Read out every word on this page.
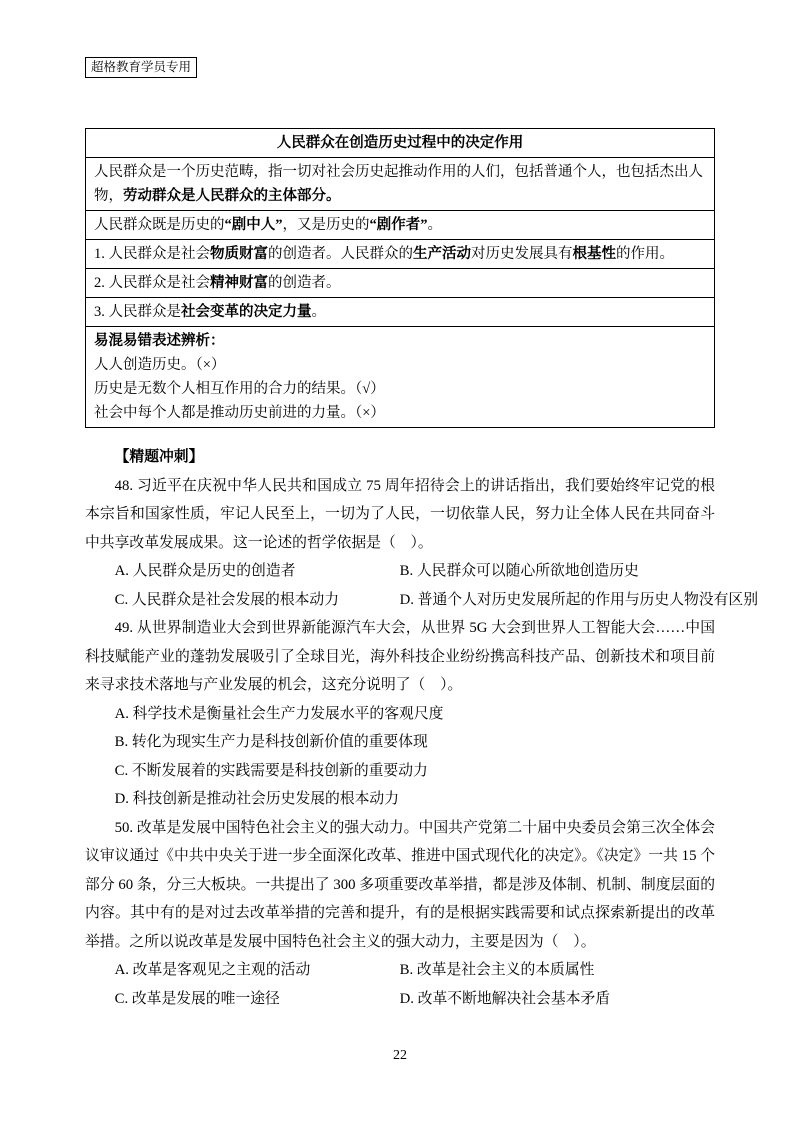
超格教育学员专用
人民群众在创造历史过程中的决定作用
人民群众是一个历史范畴，指一切对社会历史起推动作用的人们，包括普通个人，也包括杰出人物，劳动群众是人民群众的主体部分。
人民群众既是历史的“剧中人”，又是历史的“剧作者”。
1. 人民群众是社会物质财富的创造者。人民群众的生产活动对历史发展具有根基性的作用。
2. 人民群众是社会精神财富的创造者。
3. 人民群众是社会变革的决定力量。

易混易错表述辨析：
人人创造历史。（×）
历史是无数个人相互作用的合力的结果。（√）
社会中每个人都是推动历史前进的力量。（×）
【精题冲刺】

48. 习近平在庆祝中华人民共和国成立 75 周年招待会上的讲话指出，我们要始终牢记党的根本宗旨和国家性质，牢记人民至上，一切为了人民，一切依靠人民，努力让全体人民在共同奋斗中共享改革发展成果。这一论述的哲学依据是（　）。

A. 人民群众是历史的创造者	B. 人民群众可以随心所欲地创造历史
C. 人民群众是社会发展的根本动力	D. 普通个人对历史发展所起的作用与历史人物没有区别

49. 从世界制造业大会到世界新能源汽车大会，从世界 5G 大会到世界人工智能大会……中国科技赋能产业的蓬勃发展吸引了全球目光，海外科技企业纷纷携高科技产品、创新技术和项目前来寻求技术落地与产业发展的机会，这充分说明了（　）。

A. 科学技术是衡量社会生产力发展水平的客观尺度
B. 转化为现实生产力是科技创新价值的重要体现
C. 不断发展着的实践需要是科技创新的重要动力
D. 科技创新是推动社会历史发展的根本动力

50. 改革是发展中国特色社会主义的强大动力。中国共产党第二十届中央委员会第三次全体会议审议通过《中共中央关于进一步全面深化改革、推进中国式现代化的决定》。《决定》一共 15 个部分 60 条，分三大板块。一共提出了 300 多项重要改革举措，都是涉及体制、机制、制度层面的内容。其中有的是对过去改革举措的完善和提升，有的是根据实践需要和试点探索新提出的改革举措。之所以说改革是发展中国特色社会主义的强大动力，主要是因为（　）。

A. 改革是客观见之主观的活动	B. 改革是社会主义的本质属性
C. 改革是发展的唯一途径	D. 改革不断地解决社会基本矛盾
22
